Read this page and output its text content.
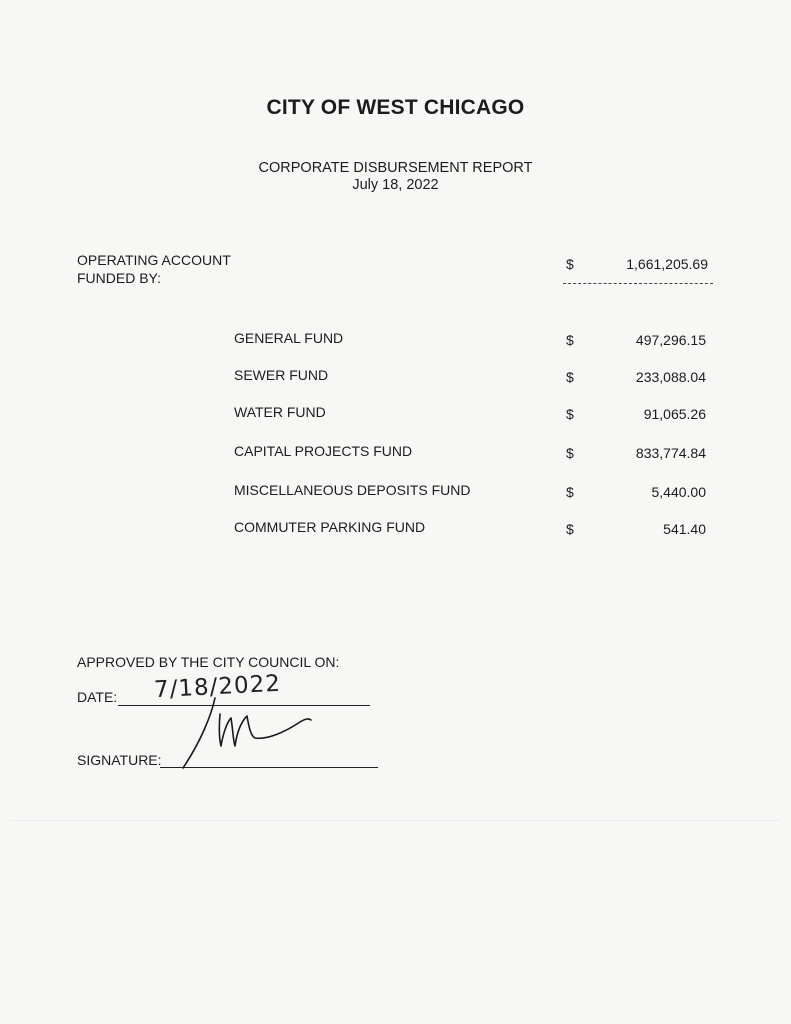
CITY OF WEST CHICAGO
CORPORATE DISBURSEMENT REPORT
July 18, 2022
OPERATING ACCOUNT
FUNDED BY:
$	1,661,205.69
GENERAL FUND	$	497,296.15
SEWER FUND	$	233,088.04
WATER FUND	$	91,065.26
CAPITAL PROJECTS FUND	$	833,774.84
MISCELLANEOUS DEPOSITS FUND	$	5,440.00
COMMUTER PARKING FUND	$	541.40
APPROVED BY THE CITY COUNCIL ON:
DATE: 7/18/2022
SIGNATURE:
